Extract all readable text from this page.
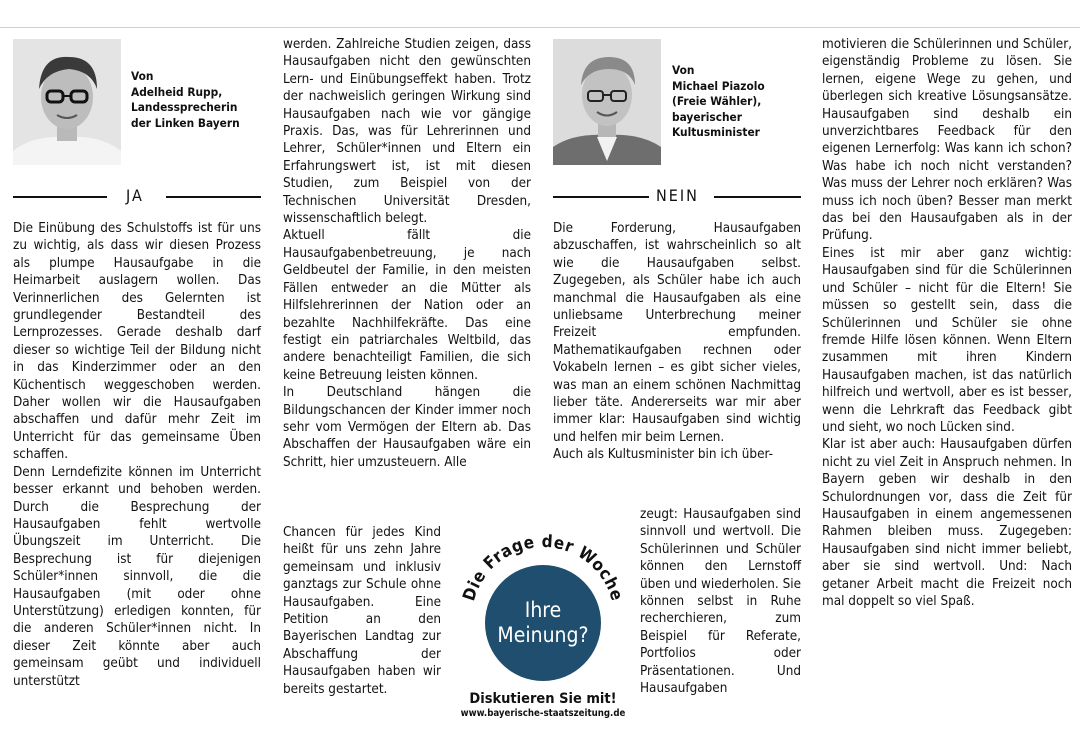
Von
Adelheid Rupp,
Landessprecherin
der Linken Bayern
JA

Die Einübung des Schulstoffs ist für uns zu wichtig, als dass wir diesen Prozess als plumpe Hausaufgabe in die Heimarbeit auslagern wollen. Das Verinnerlichen des Gelernten ist grundlegender Bestandteil des Lernprozesses. Gerade deshalb darf dieser so wichtige Teil der Bildung nicht in das Kinderzimmer oder an den Küchentisch weggeschoben werden. Daher wollen wir die Hausaufgaben abschaffen und dafür mehr Zeit im Unterricht für das gemeinsame Üben schaffen.

Denn Lerndefizite können im Unterricht besser erkannt und behoben werden. Durch die Besprechung der Hausaufgaben fehlt wertvolle Übungszeit im Unterricht. Die Besprechung ist für diejenigen Schüler*innen sinnvoll, die die Hausaufgaben (mit oder ohne Unterstützung) erledigen konnten, für die anderen Schüler*innen nicht. In dieser Zeit könnte aber auch gemeinsam geübt und individuell unterstützt

werden. Zahlreiche Studien zeigen, dass Hausaufgaben nicht den gewünschten Lern- und Einübungseffekt haben. Trotz der nachweislich geringen Wirkung sind Hausaufgaben nach wie vor gängige Praxis. Das, was für Lehrerinnen und Lehrer, Schüler*innen und Eltern ein Erfahrungswert ist, ist mit diesen Studien, zum Beispiel von der Technischen Universität Dresden, wissenschaftlich belegt.

Aktuell fällt die Hausaufgabenbetreuung, je nach Geldbeutel der Familie, in den meisten Fällen entweder an die Mütter als Hilfslehrerinnen der Nation oder an bezahlte Nachhilfekräfte. Das eine festigt ein patriarchales Weltbild, das andere benachteiligt Familien, die sich keine Betreuung leisten können.

In Deutschland hängen die Bildungschancen der Kinder immer noch sehr vom Vermögen der Eltern ab. Das Abschaffen der Hausaufgaben wäre ein Schritt, hier umzusteuern. Alle

Chancen für jedes Kind heißt für uns zehn Jahre gemeinsam und inklusiv ganztags zur Schule ohne Hausaufgaben. Eine Petition an den Bayerischen Landtag zur Abschaffung der Hausaufgaben haben wir bereits gestartet.

Von
Michael Piazolo
(Freie Wähler),
bayerischer
Kultusminister
NEIN

Die Forderung, Hausaufgaben abzuschaffen, ist wahrscheinlich so alt wie die Hausaufgaben selbst. Zugegeben, als Schüler habe ich auch manchmal die Hausaufgaben als eine unliebsame Unterbrechung meiner Freizeit empfunden. Mathematikaufgaben rechnen oder Vokabeln lernen – es gibt sicher vieles, was man an einem schönen Nachmittag lieber täte. Andererseits war mir aber immer klar: Hausaufgaben sind wichtig und helfen mir beim Lernen.

Auch als Kultusminister bin ich über-

zeugt: Hausaufgaben sind sinnvoll und wertvoll. Die Schülerinnen und Schüler können den Lernstoff üben und wiederholen. Sie können selbst in Ruhe recherchieren, zum Beispiel für Referate, Portfolios oder Präsentationen. Und Hausaufgaben

motivieren die Schülerinnen und Schüler, eigenständig Probleme zu lösen. Sie lernen, eigene Wege zu gehen, und überlegen sich kreative Lösungsansätze. Hausaufgaben sind deshalb ein unverzichtbares Feedback für den eigenen Lernerfolg: Was kann ich schon? Was habe ich noch nicht verstanden? Was muss der Lehrer noch erklären? Was muss ich noch üben? Besser man merkt das bei den Hausaufgaben als in der Prüfung.

Eines ist mir aber ganz wichtig: Hausaufgaben sind für die Schülerinnen und Schüler – nicht für die Eltern! Sie müssen so gestellt sein, dass die Schülerinnen und Schüler sie ohne fremde Hilfe lösen können. Wenn Eltern zusammen mit ihren Kindern Hausaufgaben machen, ist das natürlich hilfreich und wertvoll, aber es ist besser, wenn die Lehrkraft das Feedback gibt und sieht, wo noch Lücken sind.

Klar ist aber auch: Hausaufgaben dürfen nicht zu viel Zeit in Anspruch nehmen. In Bayern geben wir deshalb in den Schulordnungen vor, dass die Zeit für Hausaufgaben in einem angemessenen Rahmen bleiben muss. Zugegeben: Hausaufgaben sind nicht immer beliebt, aber sie sind wertvoll. Und: Nach getaner Arbeit macht die Freizeit noch mal doppelt so viel Spaß.

Die Frage der Woche
Ihre
Meinung?
Diskutieren Sie mit!
www.bayerische-staatszeitung.de
